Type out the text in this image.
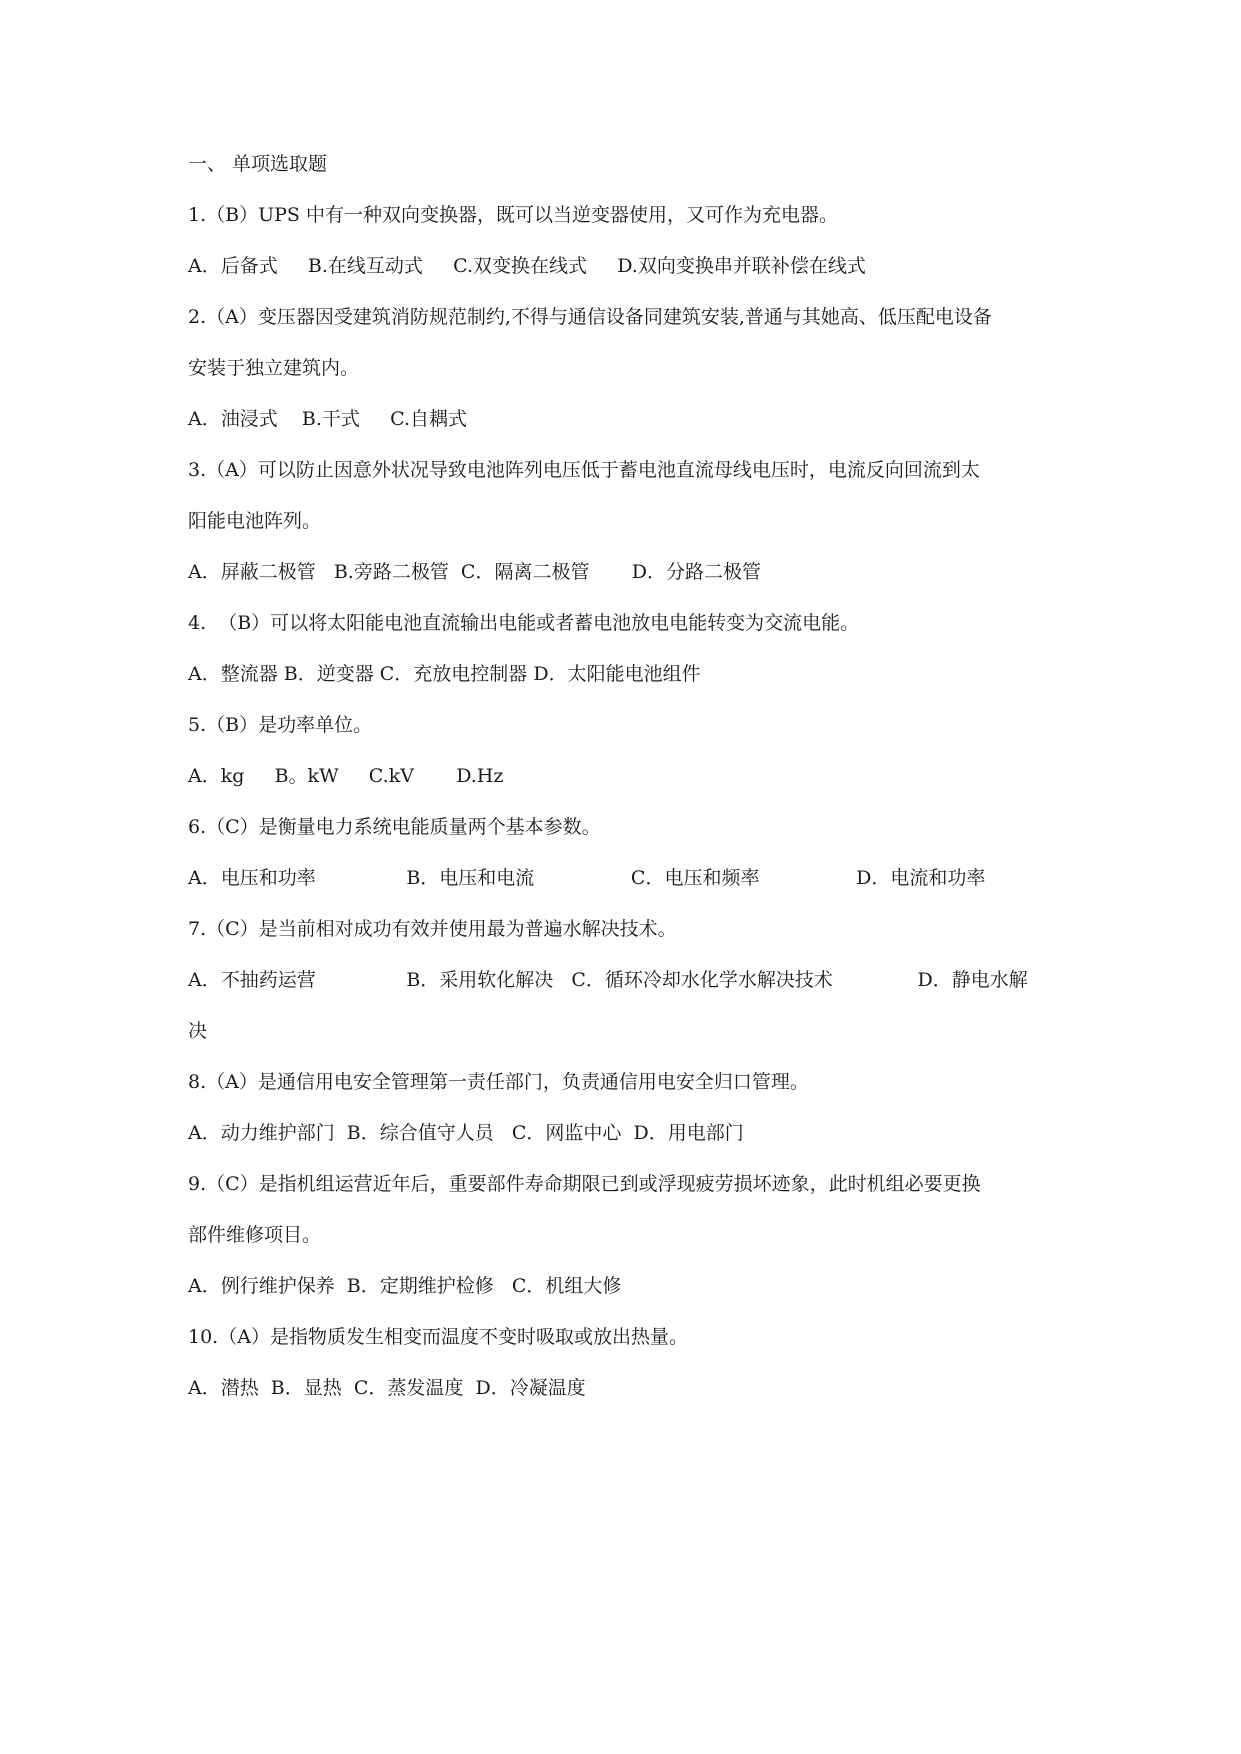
一、 单项选取题
1.（B）UPS 中有一种双向变换器，既可以当逆变器使用，又可作为充电器。
A．后备式     B.在线互动式     C.双变换在线式     D.双向变换串并联补偿在线式
2.（A）变压器因受建筑消防规范制约,不得与通信设备同建筑安装,普通与其她高、低压配电设备
安装于独立建筑内。
A．油浸式    B.干式     C.自耦式
3.（A）可以防止因意外状况导致电池阵列电压低于蓄电池直流母线电压时，电流反向回流到太
阳能电池阵列。
A．屏蔽二极管   B.旁路二极管  C．隔离二极管       D．分路二极管
4.  （B）可以将太阳能电池直流输出电能或者蓄电池放电电能转变为交流电能。
A．整流器 B．逆变器 C．充放电控制器 D．太阳能电池组件
5.（B）是功率单位。
A．kg     B。kW     C.kV       D.Hz
6.（C）是衡量电力系统电能质量两个基本参数。
A．电压和功率               B．电压和电流                C．电压和频率                D．电流和功率
7.（C）是当前相对成功有效并使用最为普遍水解决技术。
A．不抽药运营               B．采用软化解决   C．循环冷却水化学水解决技术              D．静电水解
决
8.（A）是通信用电安全管理第一责任部门，负责通信用电安全归口管理。
A．动力维护部门  B．综合值守人员   C．网监中心  D．用电部门
9.（C）是指机组运营近年后，重要部件寿命期限已到或浮现疲劳损坏迹象，此时机组必要更换
部件维修项目。
A．例行维护保养  B．定期维护检修   C．机组大修
10.（A）是指物质发生相变而温度不变时吸取或放出热量。
A．潜热  B．显热  C．蒸发温度  D．冷凝温度
